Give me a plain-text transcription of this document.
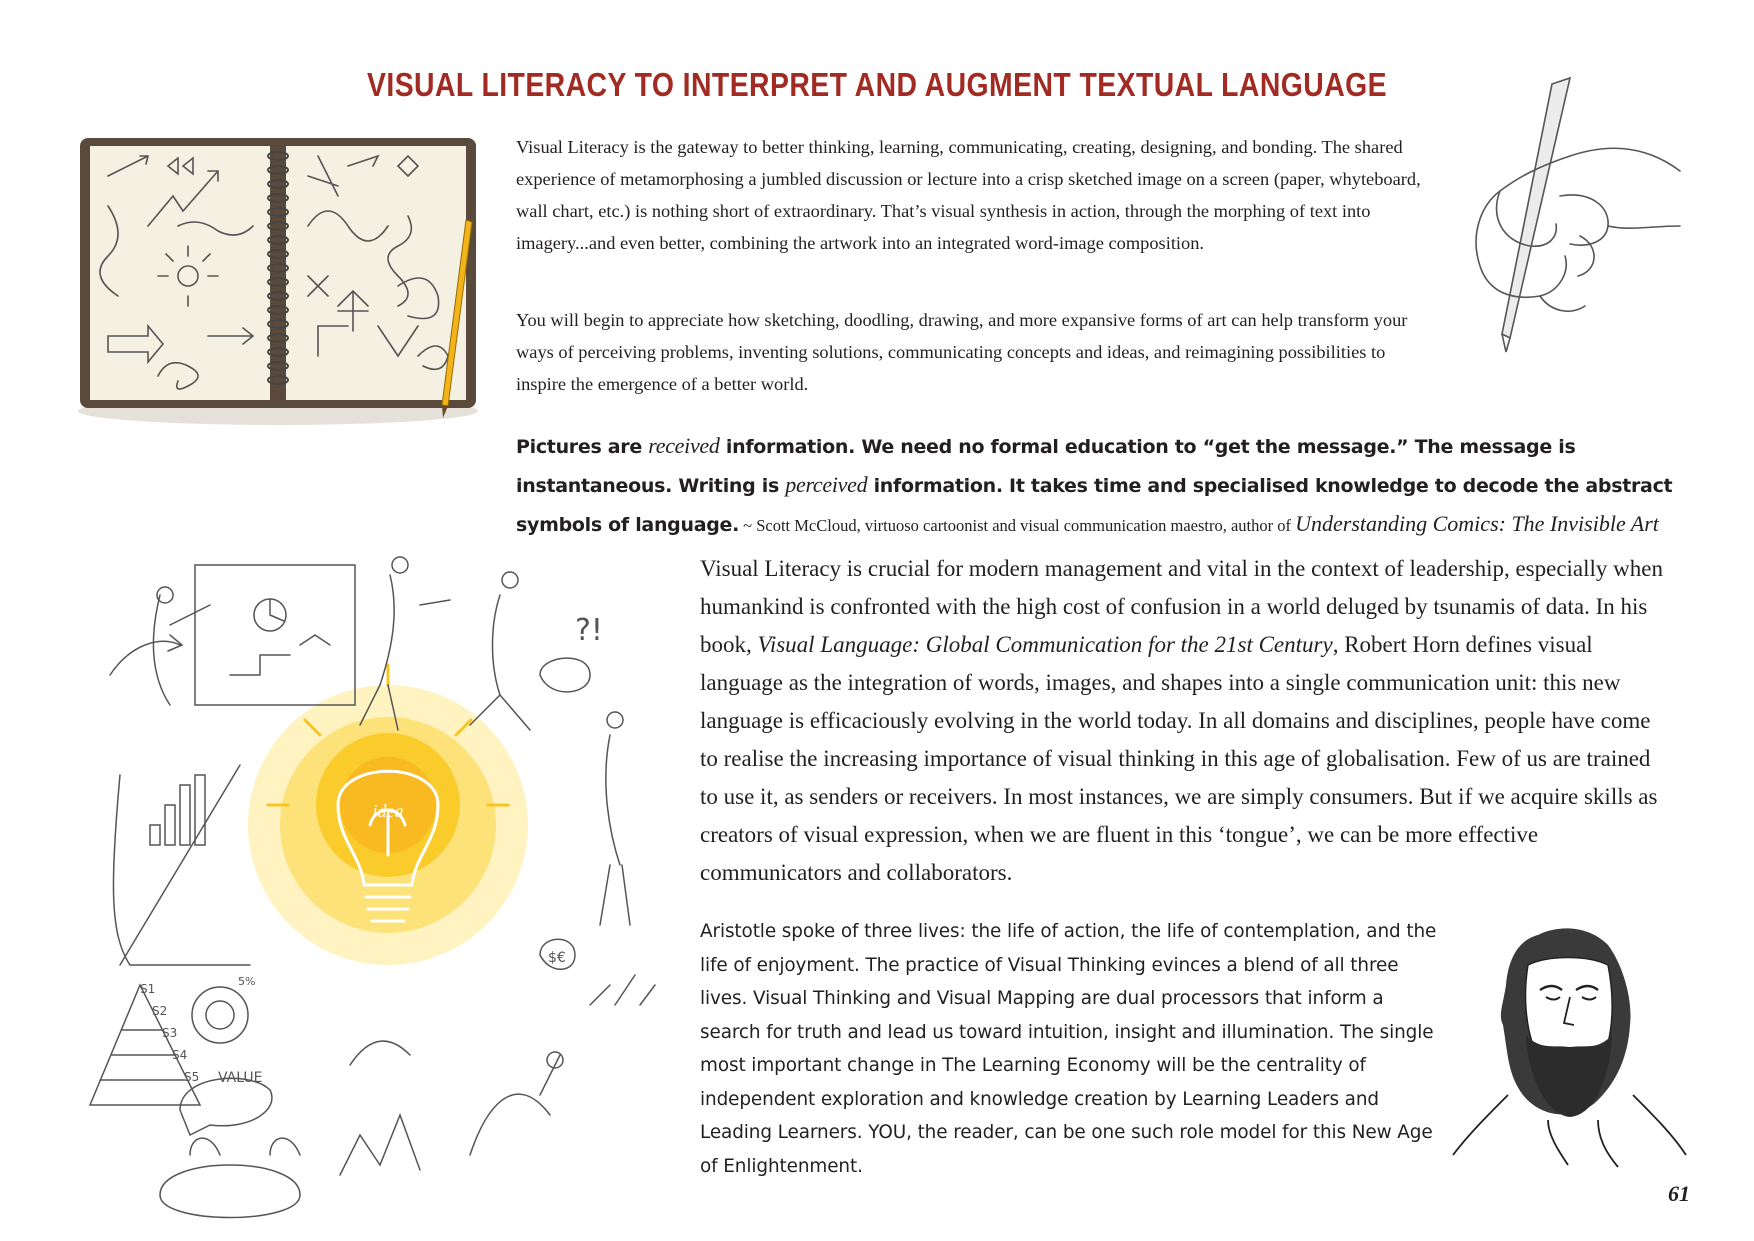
VISUAL LITERACY TO INTERPRET AND AUGMENT TEXTUAL LANGUAGE

Visual Literacy is the gateway to better thinking, learning, communicating, creating, designing, and bonding. The shared experience of metamorphosing a jumbled discussion or lecture into a crisp sketched image on a screen (paper, whyteboard, wall chart, etc.) is nothing short of extraordinary. That’s visual synthesis in action, through the morphing of text into imagery...and even better, combining the artwork into an integrated word-image composition.

You will begin to appreciate how sketching, doodling, drawing, and more expansive forms of art can help transform your ways of perceiving problems, inventing solutions, communicating concepts and ideas, and reimagining possibilities to inspire the emergence of a better world.

Pictures are received information. We need no formal education to “get the message.” The message is instantaneous. Writing is perceived information. It takes time and specialised knowledge to decode the abstract symbols of language. ~ Scott McCloud, virtuoso cartoonist and visual communication maestro, author of Understanding Comics: The Invisible Art

idea
?!
VALUE
$€
5%
S1
S2
S3
S4
S5

Visual Literacy is crucial for modern management and vital in the context of leadership, especially when humankind is confronted with the high cost of confusion in a world deluged by tsunamis of data. In his book, Visual Language: Global Communication for the 21st Century, Robert Horn defines visual language as the integration of words, images, and shapes into a single communication unit: this new language is efficaciously evolving in the world today. In all domains and disciplines, people have come to realise the increasing importance of visual thinking in this age of globalisation. Few of us are trained to use it, as senders or receivers. In most instances, we are simply consumers. But if we acquire skills as creators of visual expression, when we are fluent in this ‘tongue’, we can be more effective communicators and collaborators.

Aristotle spoke of three lives: the life of action, the life of contemplation, and the life of enjoyment. The practice of Visual Thinking evinces a blend of all three lives. Visual Thinking and Visual Mapping are dual processors that inform a search for truth and lead us toward intuition, insight and illumination. The single most important change in The Learning Economy will be the centrality of independent exploration and knowledge creation by Learning Leaders and Leading Learners. YOU, the reader, can be one such role model for this New Age of Enlightenment.

61
